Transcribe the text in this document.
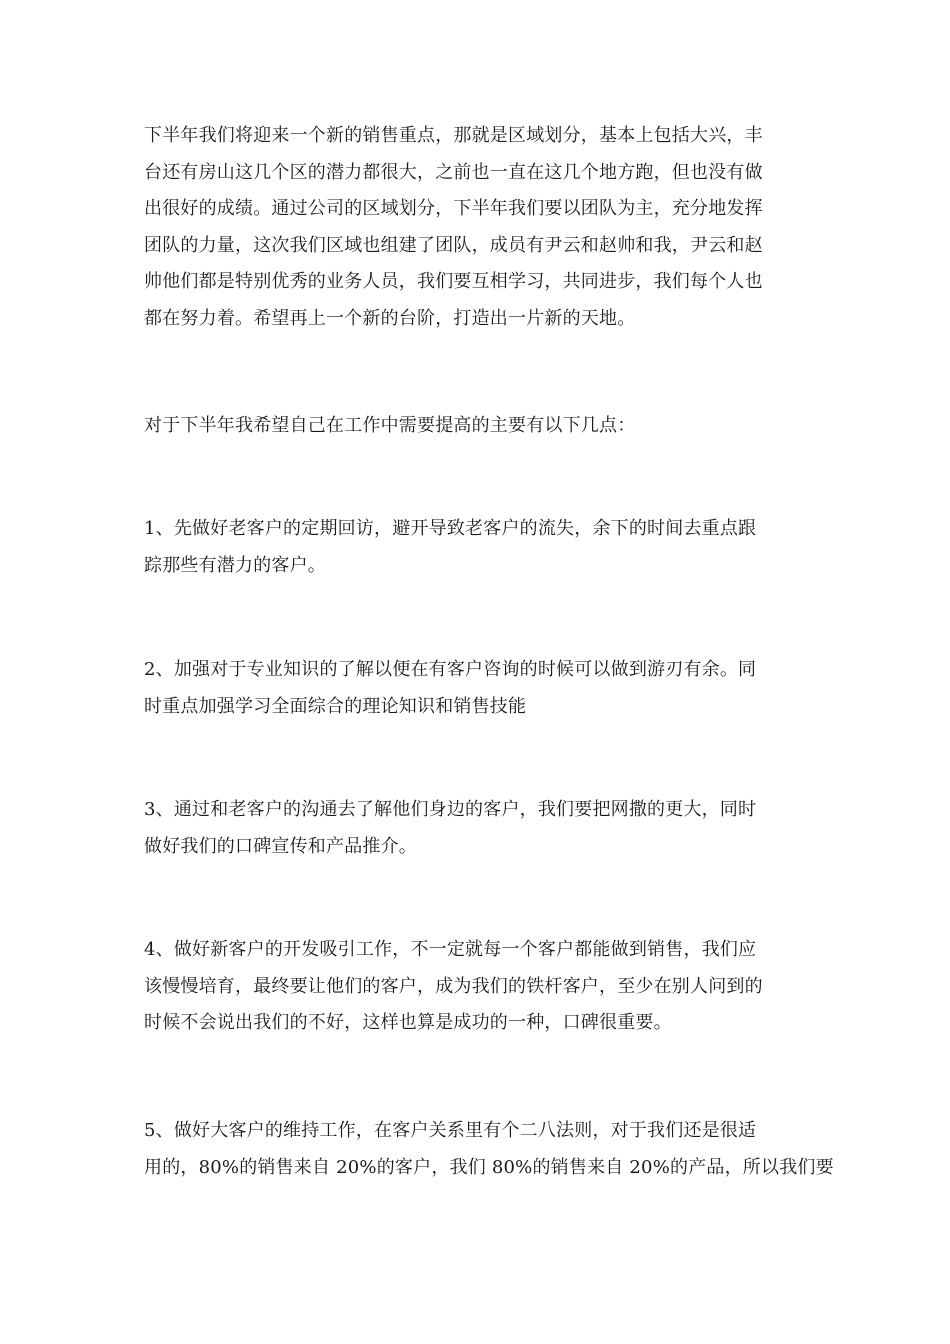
下半年我们将迎来一个新的销售重点，那就是区域划分，基本上包括大兴，丰
台还有房山这几个区的潜力都很大，之前也一直在这几个地方跑，但也没有做
出很好的成绩。通过公司的区域划分，下半年我们要以团队为主，充分地发挥
团队的力量，这次我们区域也组建了团队，成员有尹云和赵帅和我，尹云和赵
帅他们都是特别优秀的业务人员，我们要互相学习，共同进步，我们每个人也
都在努力着。希望再上一个新的台阶，打造出一片新的天地。
对于下半年我希望自己在工作中需要提高的主要有以下几点：
1、先做好老客户的定期回访，避开导致老客户的流失，余下的时间去重点跟
踪那些有潜力的客户。
2、加强对于专业知识的了解以便在有客户咨询的时候可以做到游刃有余。同
时重点加强学习全面综合的理论知识和销售技能
3、通过和老客户的沟通去了解他们身边的客户，我们要把网撒的更大，同时
做好我们的口碑宣传和产品推介。
4、做好新客户的开发吸引工作，不一定就每一个客户都能做到销售，我们应
该慢慢培育，最终要让他们的客户，成为我们的铁杆客户，至少在别人问到的
时候不会说出我们的不好，这样也算是成功的一种，口碑很重要。
5、做好大客户的维持工作，在客户关系里有个二八法则，对于我们还是很适
用的，80%的销售来自 20%的客户，我们 80%的销售来自 20%的产品，所以我们要
